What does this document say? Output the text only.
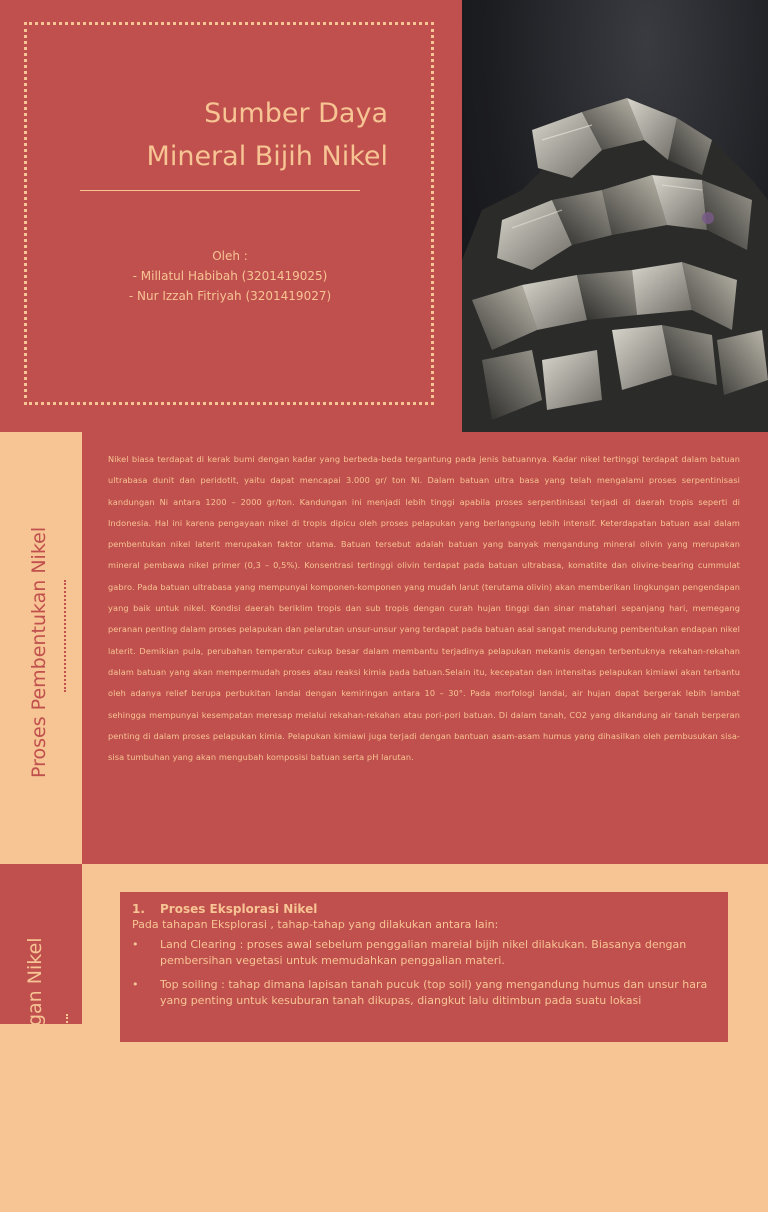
Sumber Daya
Mineral Bijih Nikel
Oleh :
- Millatul Habibah (3201419025)
- Nur Izzah Fitriyah (3201419027)
Proses Pembentukan Nikel

Nikel biasa terdapat di kerak bumi dengan kadar yang berbeda-beda tergantung pada jenis batuannya. Kadar nikel tertinggi terdapat dalam batuan ultrabasa dunit dan peridotit, yaitu dapat mencapai 3.000 gr/ ton Ni. Dalam batuan ultra basa yang telah mengalami proses serpentinisasi kandungan Ni antara 1200 – 2000 gr/ton. Kandungan ini menjadi lebih tinggi apabila proses serpentinisasi terjadi di daerah tropis seperti di Indonesia. Hal ini karena pengayaan nikel di tropis dipicu oleh proses pelapukan yang berlangsung lebih intensif. Keterdapatan batuan asal dalam pembentukan nikel laterit merupakan faktor utama. Batuan tersebut adalah batuan yang banyak mengandung mineral olivin yang merupakan mineral pembawa nikel primer (0,3 – 0,5%). Konsentrasi tertinggi olivin terdapat pada batuan ultrabasa, komatiite dan olivine-bearing cummulat gabro. Pada batuan ultrabasa yang mempunyai komponen-komponen yang mudah larut (terutama olivin) akan memberikan lingkungan pengendapan yang baik untuk nikel. Kondisi daerah beriklim tropis dan sub tropis dengan curah hujan tinggi dan sinar matahari sepanjang hari, memegang peranan penting dalam proses pelapukan dan pelarutan unsur-unsur yang terdapat pada batuan asal sangat mendukung pembentukan endapan nikel laterit. Demikian pula, perubahan temperatur cukup besar dalam membantu terjadinya pelapukan mekanis dengan terbentuknya rekahan-rekahan dalam batuan yang akan mempermudah proses atau reaksi kimia pada batuan.Selain itu, kecepatan dan intensitas pelapukan kimiawi akan terbantu oleh adanya relief berupa perbukitan landai dengan kemiringan antara 10 – 30°. Pada morfologi landai, air hujan dapat bergerak lebih lambat sehingga mempunyai kesempatan meresap melalui rekahan-rekahan atau pori-pori batuan. Di dalam tanah, CO2 yang dikandung air tanah berperan penting di dalam proses pelapukan kimia. Pelapukan kimiawi juga terjadi dengan bantuan asam-asam humus yang dihasilkan oleh pembusukan sisa-sisa tumbuhan yang akan mengubah komposisi batuan serta pH larutan.

Tahapan Penambangan Nikel
1.	Proses Eksplorasi Nikel
Pada tahapan Eksplorasi , tahap-tahap yang dilakukan antara lain:
•	Land Clearing : proses awal sebelum penggalian mareial bijih nikel dilakukan. Biasanya dengan pembersihan vegetasi untuk memudahkan penggalian materi.
•	Top soiling : tahap dimana lapisan tanah pucuk (top soil) yang mengandung humus dan unsur hara yang penting untuk kesuburan tanah dikupas, diangkut lalu ditimbun pada suatu lokasi
